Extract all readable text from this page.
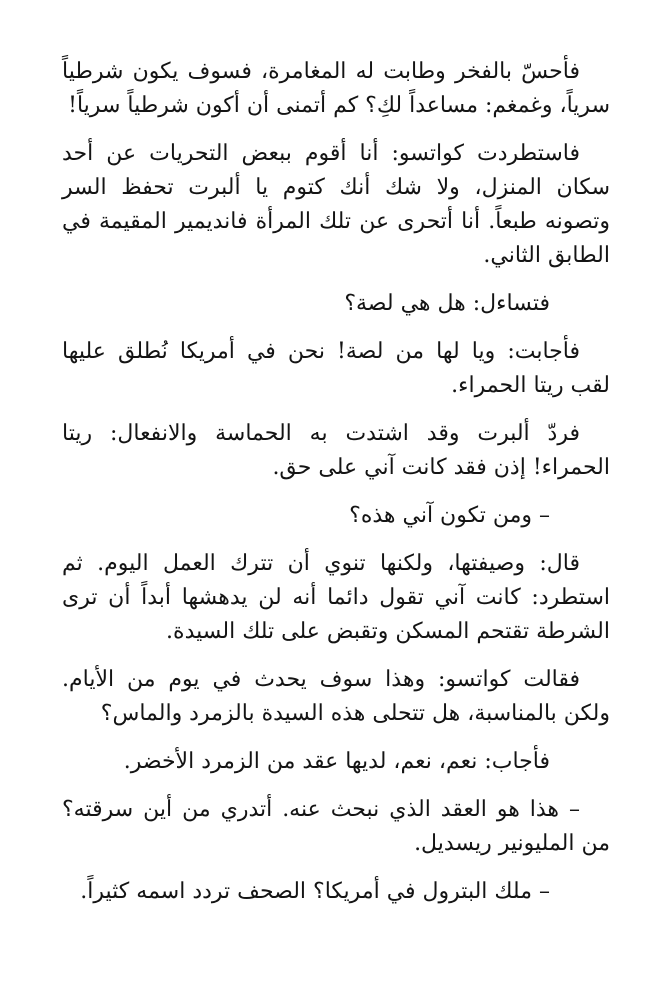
فأحسّ بالفخر وطابت له المغامرة، فسوف يكون شرطياً سرياً، وغمغم: مساعداً لكِ؟ كم أتمنى أن أكون شرطياً سرياً!

فاستطردت كواتسو: أنا أقوم ببعض التحريات عن أحد سكان المنزل، ولا شك أنك كتوم يا ألبرت تحفظ السر وتصونه طبعاً. أنا أتحرى عن تلك المرأة فانديمير المقيمة في الطابق الثاني.

فتساءل: هل هي لصة؟

فأجابت: ويا لها من لصة! نحن في أمريكا نُطلق عليها لقب ريتا الحمراء.

فردّ ألبرت وقد اشتدت به الحماسة والانفعال: ريتا الحمراء! إذن فقد كانت آني على حق.

– ومن تكون آني هذه؟

قال: وصيفتها، ولكنها تنوي أن تترك العمل اليوم. ثم استطرد: كانت آني تقول دائما أنه لن يدهشها أبداً أن ترى الشرطة تقتحم المسكن وتقبض على تلك السيدة.

فقالت كواتسو: وهذا سوف يحدث في يوم من الأيام. ولكن بالمناسبة، هل تتحلى هذه السيدة بالزمرد والماس؟

فأجاب: نعم، نعم، لديها عقد من الزمرد الأخضر.

– هذا هو العقد الذي نبحث عنه. أتدري من أين سرقته؟ من المليونير ريسديل.

– ملك البترول في أمريكا؟ الصحف تردد اسمه كثيراً.
